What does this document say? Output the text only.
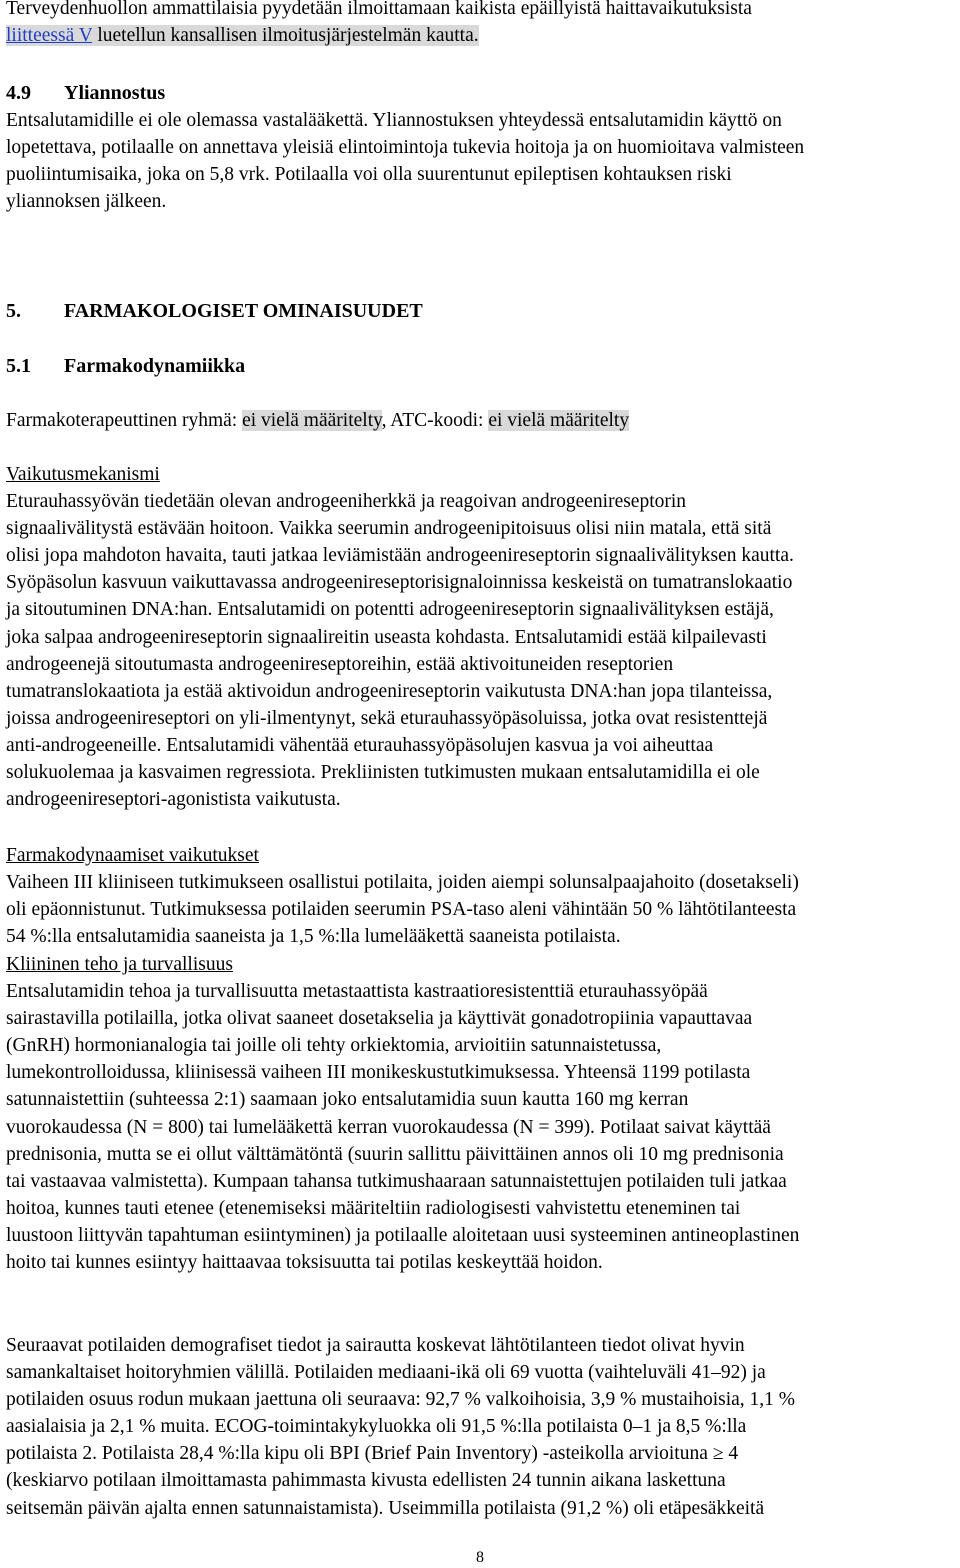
Terveydenhuollon ammattilaisia pyydetään ilmoittamaan kaikista epäillyistä haittavaikutuksista
liitteessä V luetellun kansallisen ilmoitusjärjestelmän kautta.

4.9 Yliannostus

Entsalutamidille ei ole olemassa vastalääkettä. Yliannostuksen yhteydessä entsalutamidin käyttö on
lopetettava, potilaalle on annettava yleisiä elintoimintoja tukevia hoitoja ja on huomioitava valmisteen
puoliintumisaika, joka on 5,8 vrk. Potilaalla voi olla suurentunut epileptisen kohtauksen riski
yliannoksen jälkeen.

5. FARMAKOLOGISET OMINAISUUDET
5.1 Farmakodynamiikka

Farmakoterapeuttinen ryhmä: ei vielä määritelty, ATC-koodi: ei vielä määritelty

Vaikutusmekanismi
Eturauhassyövän tiedetään olevan androgeeniherkkä ja reagoivan androgeenireseptorin
signaalivälitystä estävään hoitoon. Vaikka seerumin androgeenipitoisuus olisi niin matala, että sitä
olisi jopa mahdoton havaita, tauti jatkaa leviämistään androgeenireseptorin signaalivälityksen kautta.
Syöpäsolun kasvuun vaikuttavassa androgeenireseptorisignaloinnissa keskeistä on tumatranslokaatio
ja sitoutuminen DNA:han. Entsalutamidi on potentti adrogeenireseptorin signaalivälityksen estäjä,
joka salpaa androgeenireseptorin signaalireitin useasta kohdasta. Entsalutamidi estää kilpailevasti
androgeenejä sitoutumasta androgeenireseptoreihin, estää aktivoituneiden reseptorien
tumatranslokaatiota ja estää aktivoidun androgeenireseptorin vaikutusta DNA:han jopa tilanteissa,
joissa androgeenireseptori on yli-ilmentynyt, sekä eturauhassyöpäsoluissa, jotka ovat resistenttejä
anti-androgeeneille. Entsalutamidi vähentää eturauhassyöpäsolujen kasvua ja voi aiheuttaa
solukuolemaa ja kasvaimen regressiota. Prekliinisten tutkimusten mukaan entsalutamidilla ei ole
androgeenireseptori-agonistista vaikutusta.

Farmakodynaamiset vaikutukset
Vaiheen III kliiniseen tutkimukseen osallistui potilaita, joiden aiempi solunsalpaajahoito (dosetakseli)
oli epäonnistunut. Tutkimuksessa potilaiden seerumin PSA-taso aleni vähintään 50 % lähtötilanteesta
54 %:lla entsalutamidia saaneista ja 1,5 %:lla lumelääkettä saaneista potilaista.

Kliininen teho ja turvallisuus
Entsalutamidin tehoa ja turvallisuutta metastaattista kastraatioresistenttiä eturauhassyöpää
sairastavilla potilailla, jotka olivat saaneet dosetakselia ja käyttivät gonadotropiinia vapauttavaa
(GnRH) hormonianalogia tai joille oli tehty orkiektomia, arvioitiin satunnaistetussa,
lumekontrolloidussa, kliinisessä vaiheen III monikeskustutkimuksessa. Yhteensä 1199 potilasta
satunnaistettiin (suhteessa 2:1) saamaan joko entsalutamidia suun kautta 160 mg kerran
vuorokaudessa (N = 800) tai lumelääkettä kerran vuorokaudessa (N = 399). Potilaat saivat käyttää
prednisonia, mutta se ei ollut välttämätöntä (suurin sallittu päivittäinen annos oli 10 mg prednisonia
tai vastaavaa valmistetta). Kumpaan tahansa tutkimushaaraan satunnaistettujen potilaiden tuli jatkaa
hoitoa, kunnes tauti etenee (etenemiseksi määriteltiin radiologisesti vahvistettu eteneminen tai
luustoon liittyvän tapahtuman esiintyminen) ja potilaalle aloitetaan uusi systeeminen antineoplastinen
hoito tai kunnes esiintyy haittaavaa toksisuutta tai potilas keskeyttää hoidon.

Seuraavat potilaiden demografiset tiedot ja sairautta koskevat lähtötilanteen tiedot olivat hyvin
samankaltaiset hoitoryhmien välillä. Potilaiden mediaani-ikä oli 69 vuotta (vaihteluväli 41–92) ja
potilaiden osuus rodun mukaan jaettuna oli seuraava: 92,7 % valkoihoisia, 3,9 % mustaihoisia, 1,1 %
aasialaisia ja 2,1 % muita. ECOG-toimintakykyluokka oli 91,5 %:lla potilaista 0–1 ja 8,5 %:lla
potilaista 2. Potilaista 28,4 %:lla kipu oli BPI (Brief Pain Inventory) -asteikolla arvioituna ≥ 4
(keskiarvo potilaan ilmoittamasta pahimmasta kivusta edellisten 24 tunnin aikana laskettuna
seitsemän päivän ajalta ennen satunnaistamista). Useimmilla potilaista (91,2 %) oli etäpesäkkeitä

8
